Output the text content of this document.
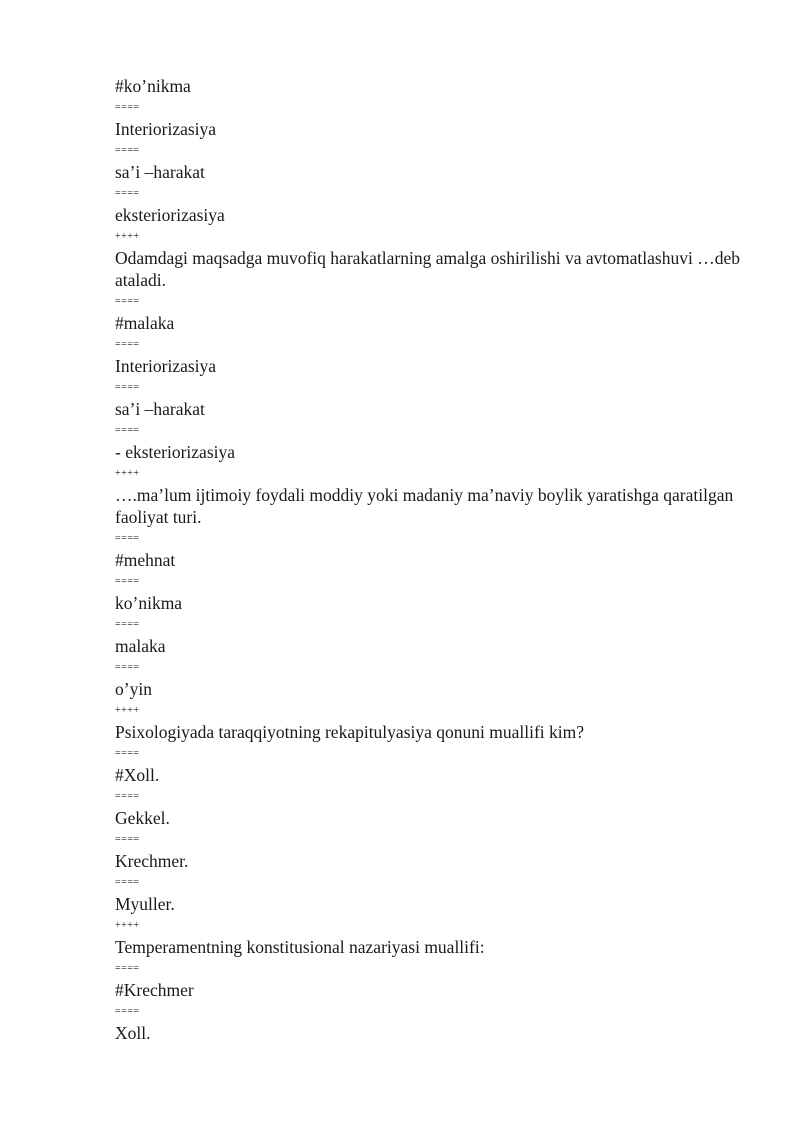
#ko’nikma

====

Interiorizasiya

====

sa’i –harakat

====

eksteriorizasiya

++++

Odamdagi maqsadga muvofiq harakatlarning amalga oshirilishi va avtomatlashuvi …deb ataladi.

====

#malaka

====

Interiorizasiya

====

sa’i –harakat

====

- eksteriorizasiya

++++

….ma’lum ijtimoiy foydali moddiy yoki madaniy ma’naviy boylik yaratishga qaratilgan faoliyat turi.

====

#mehnat

====

ko’nikma

====

malaka

====

o’yin

++++

Psixologiyada taraqqiyotning rekapitulyasiya qonuni muallifi kim?

====

#Xoll.

====

Gekkel.

====

Krechmer.

====

Myuller.

++++

Temperamentning konstitusional nazariyasi muallifi:

====

#Krechmer

====

Xoll.
